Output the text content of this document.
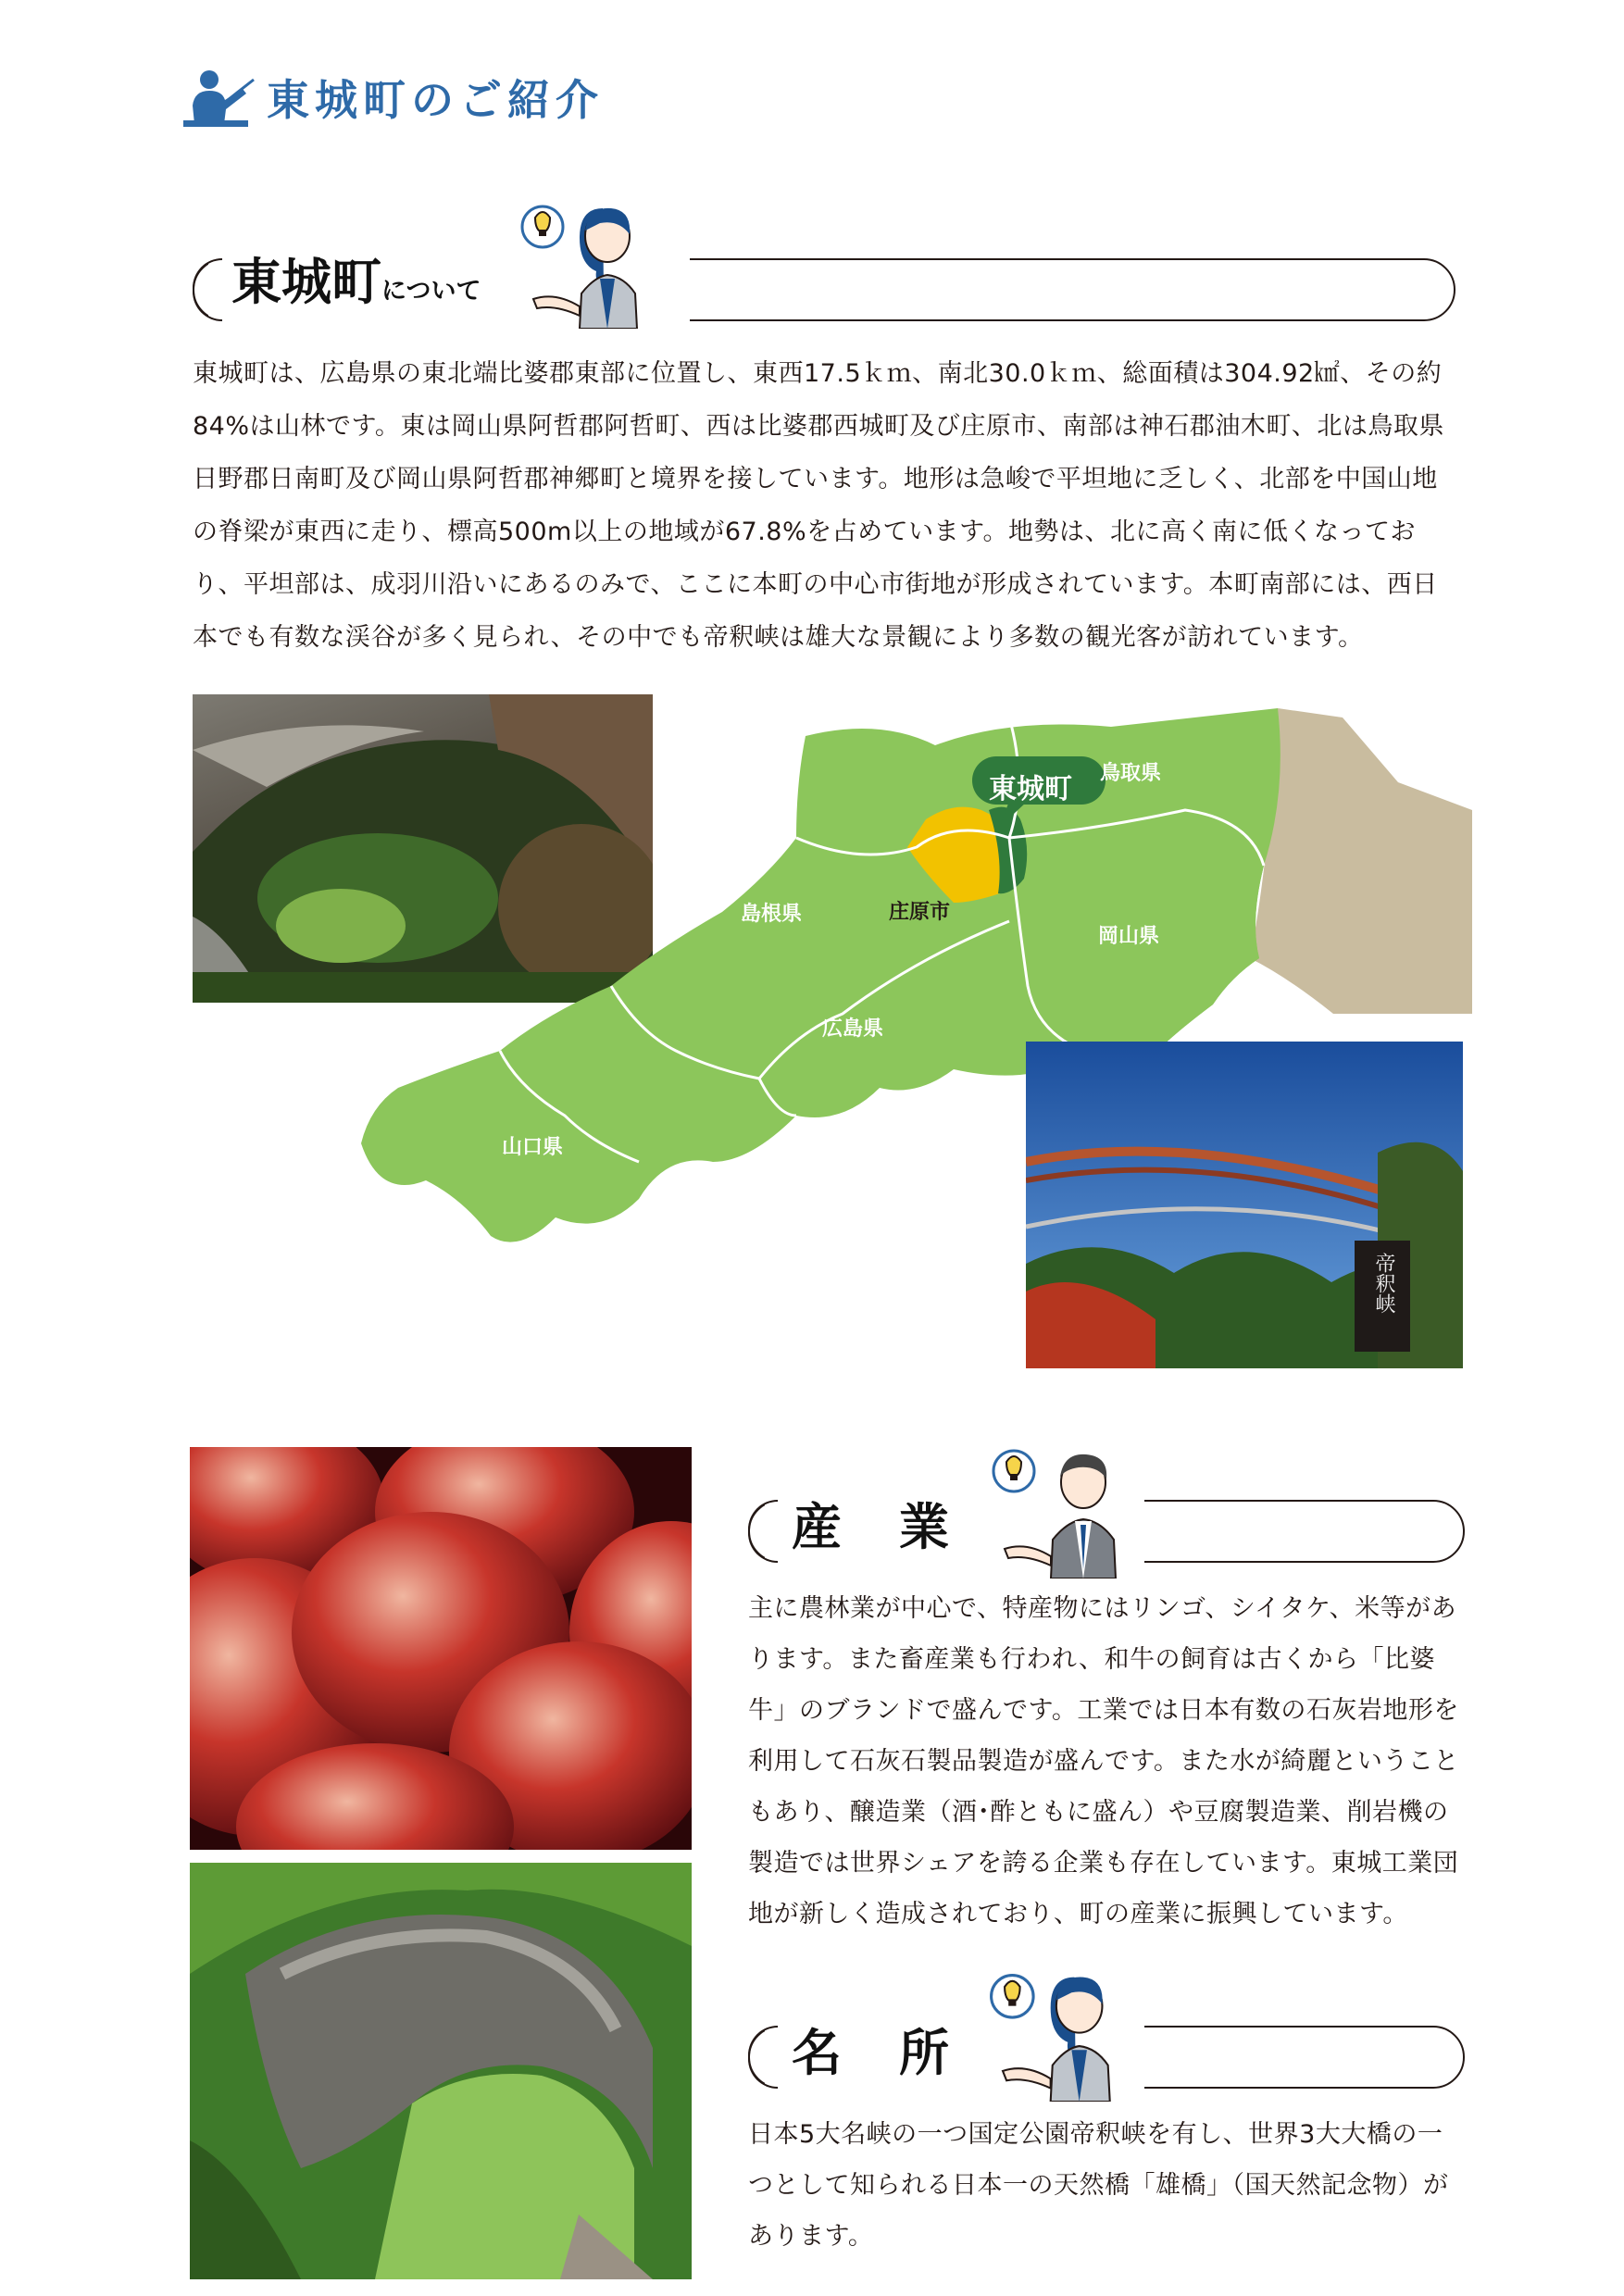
東城町のご紹介
東城町について
東城町は、広島県の東北端比婆郡東部に位置し、東西17.5ｋｍ、南北30.0ｋｍ、総面積は304.92㎢、その約84%は山林です。東は岡山県阿哲郡阿哲町、西は比婆郡西城町及び庄原市、南部は神石郡油木町、北は鳥取県日野郡日南町及び岡山県阿哲郡神郷町と境界を接しています。地形は急峻で平坦地に乏しく、北部を中国山地の脊梁が東西に走り、標高500m以上の地域が67.8%を占めています。地勢は、北に高く南に低くなっており、平坦部は、成羽川沿いにあるのみで、ここに本町の中心市街地が形成されています。本町南部には、西日本でも有数な渓谷が多く見られ、その中でも帝釈峡は雄大な景観により多数の観光客が訪れています。
東城町 鳥取県
島根県	庄原市
岡山県
広島県
山口県
帝釈峡
産 業
主に農林業が中心で、特産物にはリンゴ、シイタケ、米等があります。また畜産業も行われ、和牛の飼育は古くから「比婆牛」のブランドで盛んです。工業では日本有数の石灰岩地形を利用して石灰石製品製造が盛んです。また水が綺麗ということもあり、醸造業（酒･酢ともに盛ん）や豆腐製造業、削岩機の製造では世界シェアを誇る企業も存在しています。東城工業団地が新しく造成されており、町の産業に振興しています。
名 所
日本5大名峡の一つ国定公園帝釈峡を有し、世界3大大橋の一つとして知られる日本一の天然橋「雄橋」（国天然記念物）があります。
